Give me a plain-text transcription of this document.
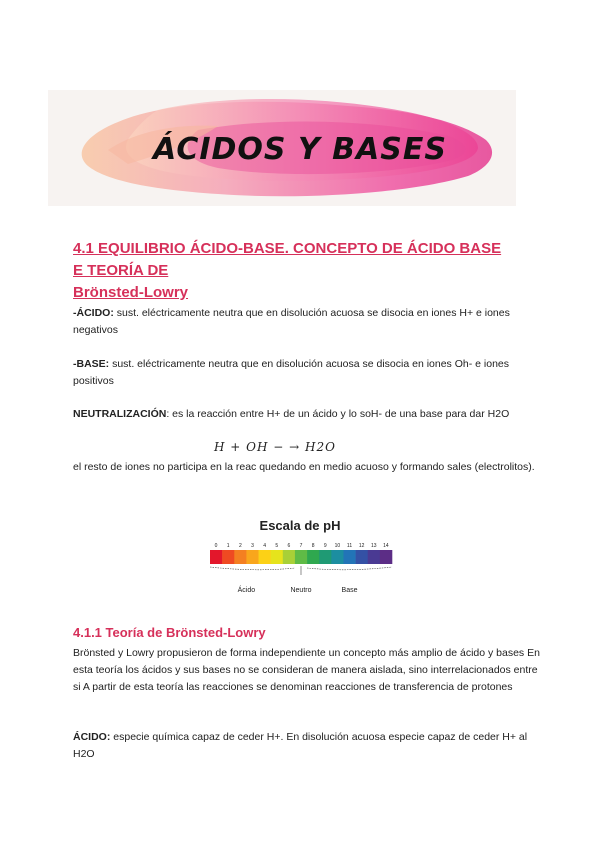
ÁCIDOS Y BASES
4.1 EQUILIBRIO ÁCIDO-BASE. CONCEPTO DE ÁCIDO BASE E TEORÍA DE
Brönsted-Lowry
-ÁCIDO: sust. eléctricamente neutra que en disolución acuosa se disocia en iones H+ e iones negativos
-BASE: sust. eléctricamente neutra que en disolución acuosa se disocia en iones Oh- e iones positivos
NEUTRALIZACIÓN: es la reacción entre H+ de un ácido y lo soH- de una base para dar H2O
H + OH − → H2O
el resto de iones no participa en la reac quedando en medio acuoso y formando sales (electrolitos).
Escala de pH
0 1 2 3 4 5 6 7 8 9 10 11 12 13 14
Ácido	Neutro	Base
4.1.1 Teoría de Brönsted-Lowry
Brönsted y Lowry propusieron de forma independiente un concepto más amplio de ácido y bases En esta teoría los ácidos y sus bases no se consideran de manera aislada, sino interrelacionados entre si A partir de esta teoría las reacciones se denominan reacciones de transferencia de protones
ÁCIDO: especie química capaz de ceder H+. En disolución acuosa especie capaz de ceder H+ al H2O
